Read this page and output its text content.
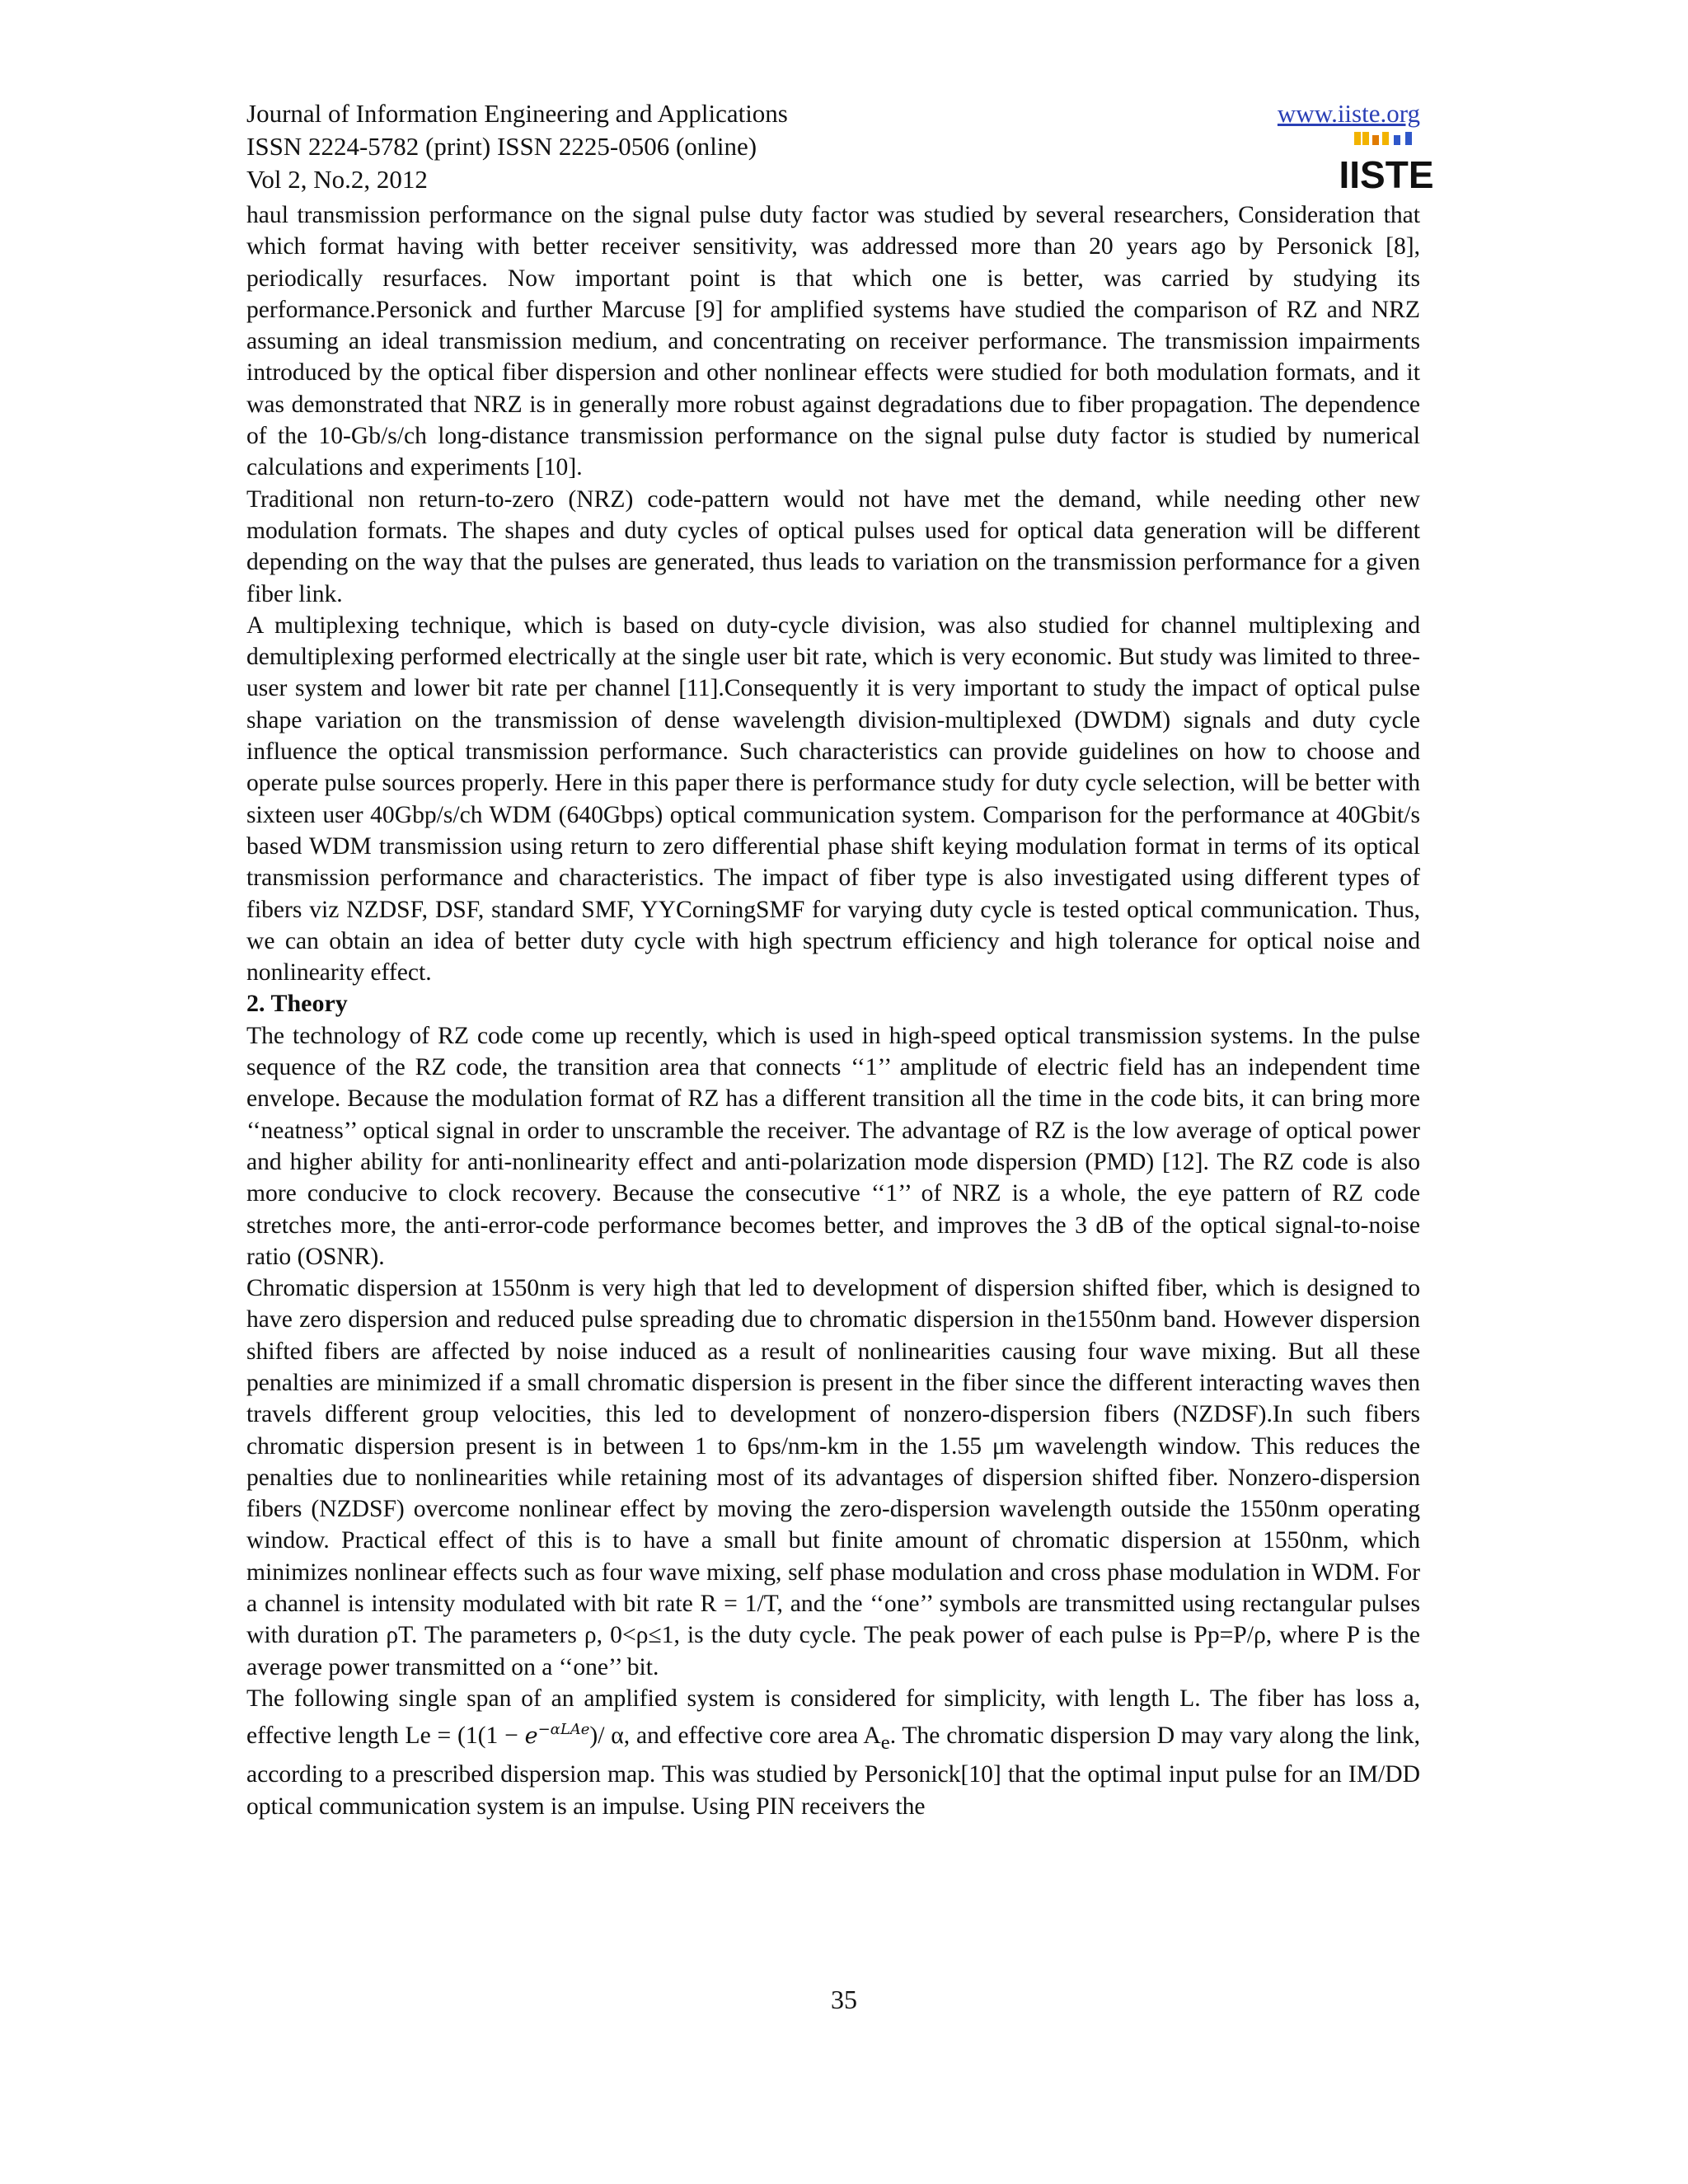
Journal of Information Engineering and Applications
ISSN 2224-5782 (print) ISSN 2225-0506 (online)
Vol 2, No.2, 2012
www.iiste.org
IISTE

haul transmission performance on the signal pulse duty factor was studied by several researchers, Consideration that which format having with better receiver sensitivity, was addressed more than 20 years ago by Personick [8], periodically resurfaces. Now important point is that which one is better, was carried by studying its performance.Personick and further Marcuse [9] for amplified systems have studied the comparison of RZ and NRZ assuming an ideal transmission medium, and concentrating on receiver performance. The transmission impairments introduced by the optical fiber dispersion and other nonlinear effects were studied for both modulation formats, and it was demonstrated that NRZ is in generally more robust against degradations due to fiber propagation. The dependence of the 10-Gb/s/ch long-distance transmission performance on the signal pulse duty factor is studied by numerical calculations and experiments [10].

Traditional non return-to-zero (NRZ) code-pattern would not have met the demand, while needing other new modulation formats. The shapes and duty cycles of optical pulses used for optical data generation will be different depending on the way that the pulses are generated, thus leads to variation on the transmission performance for a given fiber link.

A multiplexing technique, which is based on duty-cycle division, was also studied for channel multiplexing and demultiplexing performed electrically at the single user bit rate, which is very economic. But study was limited to three-user system and lower bit rate per channel [11].Consequently it is very important to study the impact of optical pulse shape variation on the transmission of dense wavelength division-multiplexed (DWDM) signals and duty cycle influence the optical transmission performance. Such characteristics can provide guidelines on how to choose and operate pulse sources properly. Here in this paper there is performance study for duty cycle selection, will be better with sixteen user 40Gbp/s/ch WDM (640Gbps) optical communication system. Comparison for the performance at 40Gbit/s based WDM transmission using return to zero differential phase shift keying modulation format in terms of its optical transmission performance and characteristics. The impact of fiber type is also investigated using different types of fibers viz NZDSF, DSF, standard SMF, YYCorningSMF for varying duty cycle is tested optical communication. Thus, we can obtain an idea of better duty cycle with high spectrum efficiency and high tolerance for optical noise and nonlinearity effect.

2. Theory

The technology of RZ code come up recently, which is used in high-speed optical transmission systems. In the pulse sequence of the RZ code, the transition area that connects ‘‘1’’ amplitude of electric field has an independent time envelope. Because the modulation format of RZ has a different transition all the time in the code bits, it can bring more ‘‘neatness’’ optical signal in order to unscramble the receiver. The advantage of RZ is the low average of optical power and higher ability for anti-nonlinearity effect and anti-polarization mode dispersion (PMD) [12]. The RZ code is also more conducive to clock recovery. Because the consecutive ‘‘1’’ of NRZ is a whole, the eye pattern of RZ code stretches more, the anti-error-code performance becomes better, and improves the 3 dB of the optical signal-to-noise ratio (OSNR).

Chromatic dispersion at 1550nm is very high that led to development of dispersion shifted fiber, which is designed to have zero dispersion and reduced pulse spreading due to chromatic dispersion in the1550nm band. However dispersion shifted fibers are affected by noise induced as a result of nonlinearities causing four wave mixing. But all these penalties are minimized if a small chromatic dispersion is present in the fiber since the different interacting waves then travels different group velocities, this led to development of nonzero-dispersion fibers (NZDSF).In such fibers chromatic dispersion present is in between 1 to 6ps/nm-km in the 1.55 μm wavelength window. This reduces the penalties due to nonlinearities while retaining most of its advantages of dispersion shifted fiber. Nonzero-dispersion fibers (NZDSF) overcome nonlinear effect by moving the zero-dispersion wavelength outside the 1550nm operating window. Practical effect of this is to have a small but finite amount of chromatic dispersion at 1550nm, which minimizes nonlinear effects such as four wave mixing, self phase modulation and cross phase modulation in WDM. For a channel is intensity modulated with bit rate R = 1/T, and the ‘‘one’’ symbols are transmitted using rectangular pulses with duration ρT. The parameters ρ, 0<ρ≤1, is the duty cycle. The peak power of each pulse is Pp=P/ρ, where P is the average power transmitted on a ‘‘one’’ bit.

The following single span of an amplified system is considered for simplicity, with length L. The fiber has loss a, effective length $Le = (1(1 - e^{-\alpha LAe})/$ α, and effective core area $A_e$. The chromatic dispersion D may vary along the link, according to a prescribed dispersion map. This was studied by Personick[10] that the optimal input pulse for an IM/DD optical communication system is an impulse. Using PIN receivers the

35
